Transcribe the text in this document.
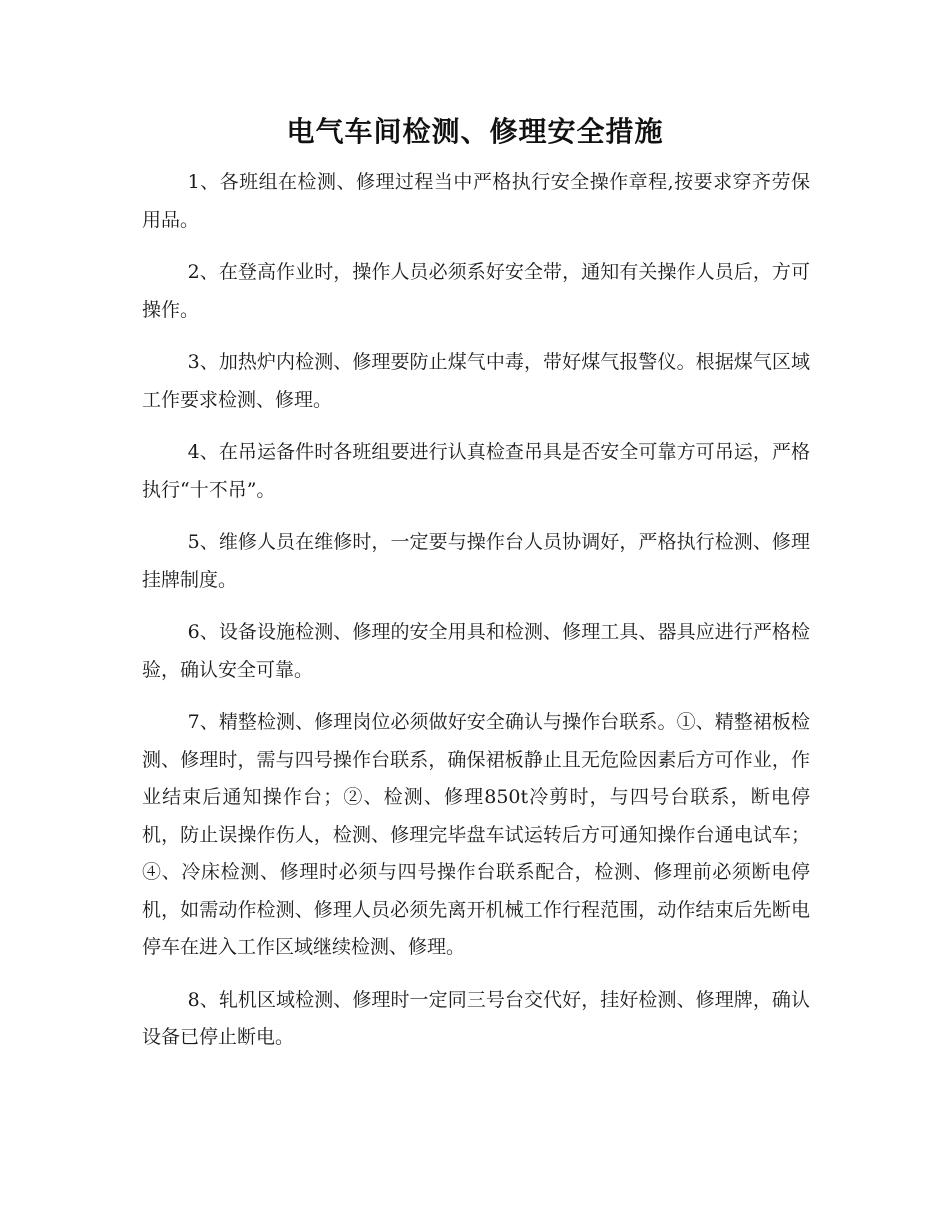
电气车间检测、修理安全措施

1、各班组在检测、修理过程当中严格执行安全操作章程,按要求穿齐劳保用品。

2、在登高作业时，操作人员必须系好安全带，通知有关操作人员后，方可操作。

3、加热炉内检测、修理要防止煤气中毒，带好煤气报警仪。根据煤气区域工作要求检测、修理。

4、在吊运备件时各班组要进行认真检查吊具是否安全可靠方可吊运，严格执行“十不吊”。

5、维修人员在维修时，一定要与操作台人员协调好，严格执行检测、修理挂牌制度。

6、设备设施检测、修理的安全用具和检测、修理工具、器具应进行严格检验，确认安全可靠。

7、精整检测、修理岗位必须做好安全确认与操作台联系。①、精整裙板检测、修理时，需与四号操作台联系，确保裙板静止且无危险因素后方可作业，作业结束后通知操作台；②、检测、修理850t冷剪时，与四号台联系，断电停机，防止误操作伤人，检测、修理完毕盘车试运转后方可通知操作台通电试车；④、冷床检测、修理时必须与四号操作台联系配合，检测、修理前必须断电停机，如需动作检测、修理人员必须先离开机械工作行程范围，动作结束后先断电停车在进入工作区域继续检测、修理。

8、轧机区域检测、修理时一定同三号台交代好，挂好检测、修理牌，确认设备已停止断电。
